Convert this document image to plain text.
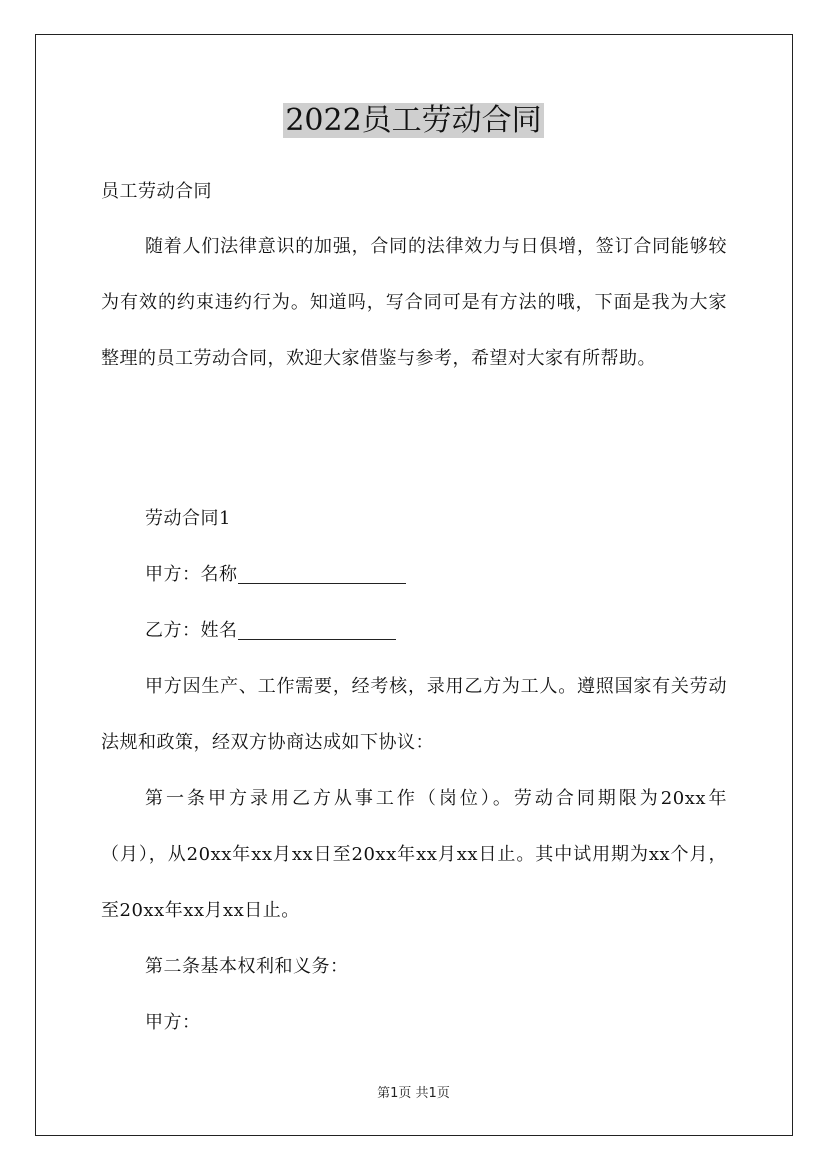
2022员工劳动合同
员工劳动合同
随着人们法律意识的加强，合同的法律效力与日俱增，签订合同能够较为有效的约束违约行为。知道吗，写合同可是有方法的哦，下面是我为大家整理的员工劳动合同，欢迎大家借鉴与参考，希望对大家有所帮助。

劳动合同1

甲方：名称

乙方：姓名

甲方因生产、工作需要，经考核，录用乙方为工人。遵照国家有关劳动法规和政策，经双方协商达成如下协议：

第一条甲方录用乙方从事工作（岗位）。劳动合同期限为20xx年（月），从20xx年xx月xx日至20xx年xx月xx日止。其中试用期为xx个月，至20xx年xx月xx日止。

第二条基本权利和义务：

甲方：

第1页 共1页
